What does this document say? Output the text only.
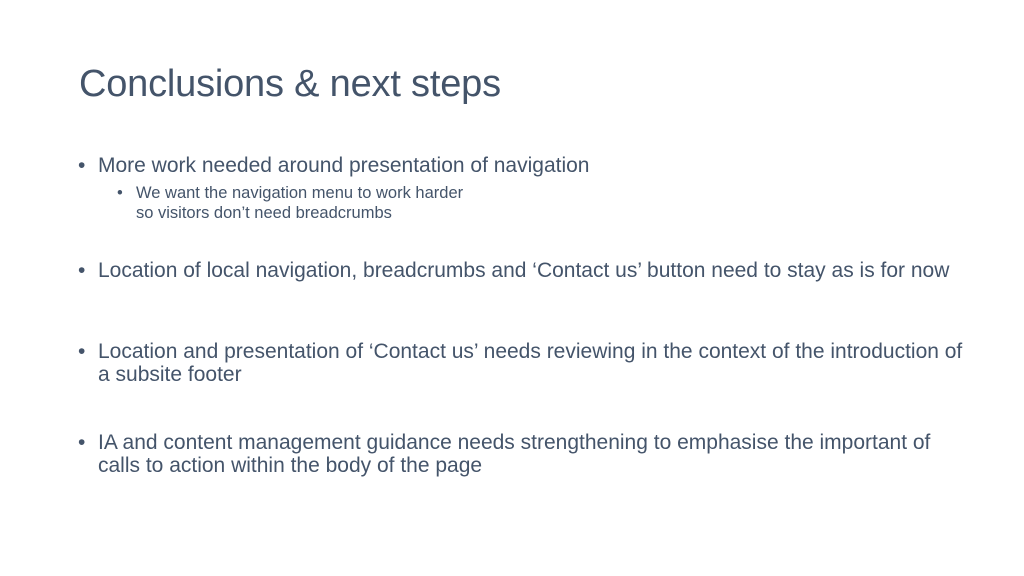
Conclusions & next steps
• More work needed around presentation of navigation
• We want the navigation menu to work harder
so visitors don’t need breadcrumbs
• Location of local navigation, breadcrumbs and ‘Contact us’ button need to stay as is for now
• Location and presentation of ‘Contact us’ needs reviewing in the context of the introduction of a subsite footer
• IA and content management guidance needs strengthening to emphasise the important of calls to action within the body of the page
